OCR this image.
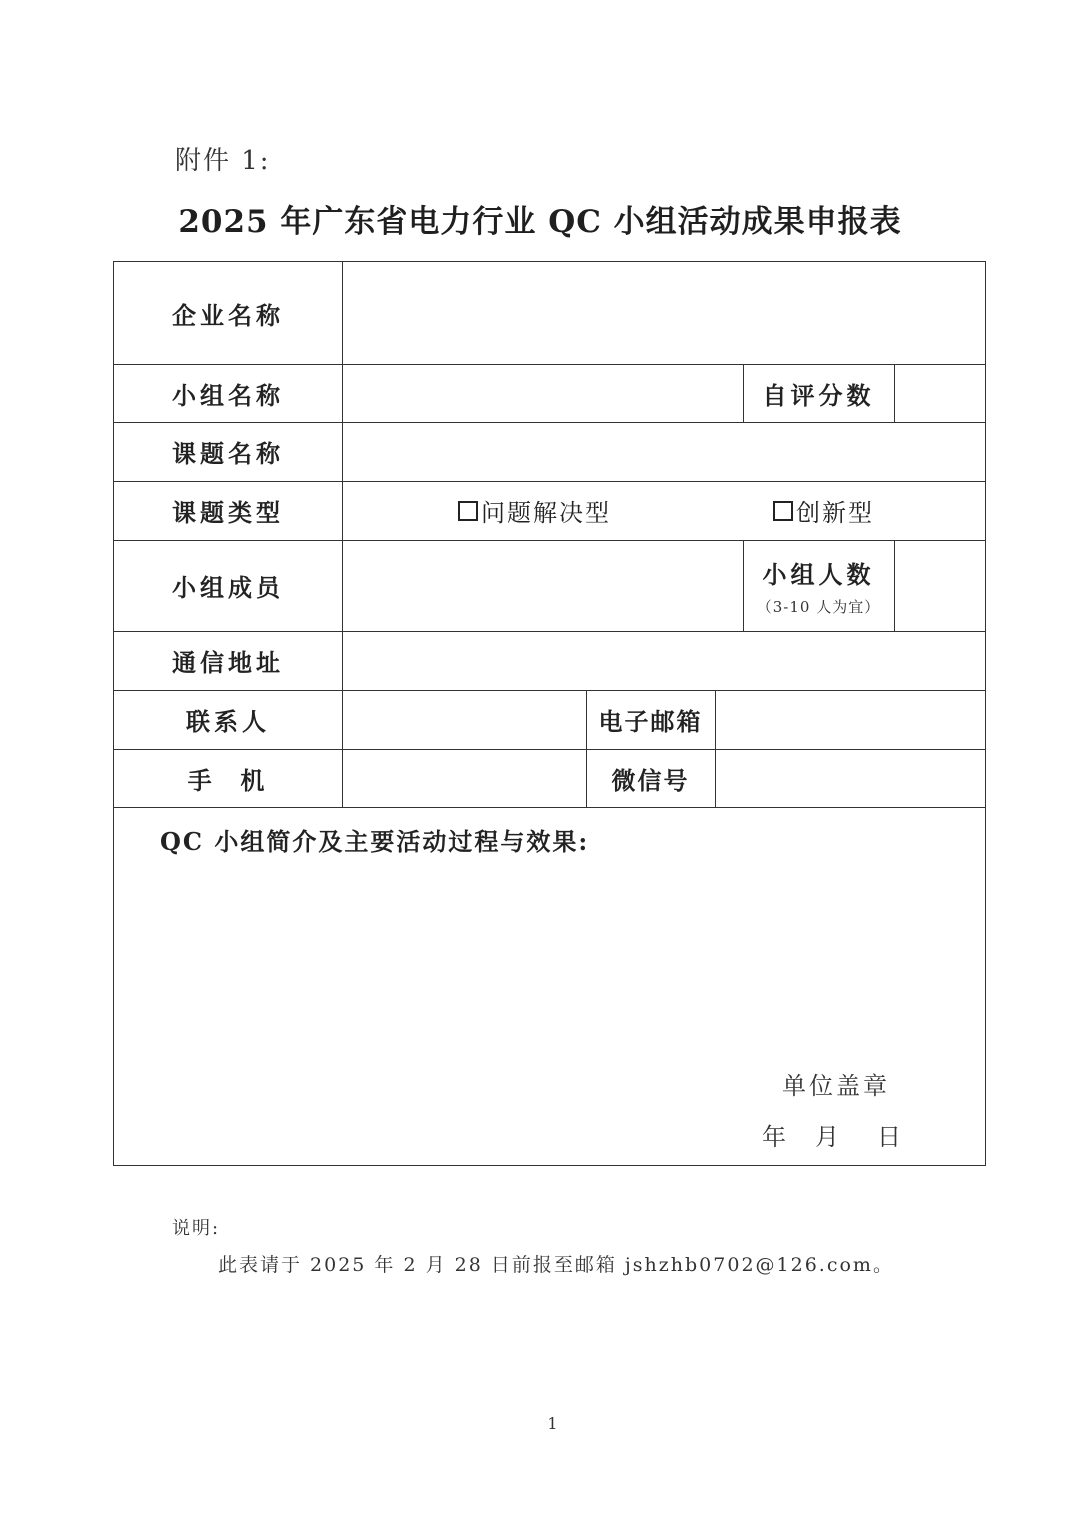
附件 1:
2025 年广东省电力行业 QC 小组活动成果申报表
企业名称
小组名称	自评分数
课题名称
课题类型	问题解决型	创新型
小组成员	小组人数
（3-10 人为宜）
通信地址
联系人	电子邮箱
手  机	微信号
QC 小组简介及主要活动过程与效果:
单位盖章
年 月 日
说明:
此表请于 2025 年 2 月 28 日前报至邮箱 jshzhb0702@126.com。
1
